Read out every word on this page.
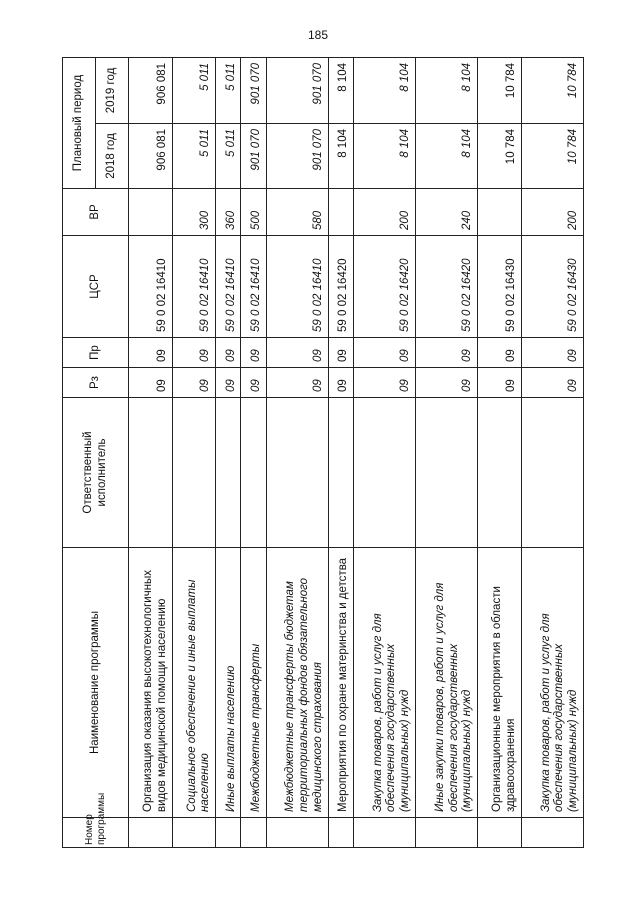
185
Номер программы	Наименование программы	Ответственный исполнитель	Рз	Пр	ЦСР	ВР	Плановый период	
							2018 год	2019 год
	Организация оказания высокотехнологичных видов медицинской помощи населению		09	09	59 0 02 16410		906 081	906 081
	Социальное обеспечение и иные выплаты населению		09	09	59 0 02 16410	300	5 011	5 011
	Иные выплаты населению		09	09	59 0 02 16410	360	5 011	5 011
	Межбюджетные трансферты		09	09	59 0 02 16410	500	901 070	901 070
	Межбюджетные трансферты бюджетам территориальных фондов обязательного медицинского страхования		09	09	59 0 02 16410	580	901 070	901 070
	Мероприятия по охране материнства и детства		09	09	59 0 02 16420		8 104	8 104
	Закупка товаров, работ и услуг для обеспечения государственных (муниципальных) нужд		09	09	59 0 02 16420	200	8 104	8 104
	Иные закупки товаров, работ и услуг для обеспечения государственных (муниципальных) нужд		09	09	59 0 02 16420	240	8 104	8 104
	Организационные мероприятия в области здравоохранения		09	09	59 0 02 16430		10 784	10 784
	Закупка товаров, работ и услуг для обеспечения государственных (муниципальных) нужд		09	09	59 0 02 16430	200	10 784	10 784
